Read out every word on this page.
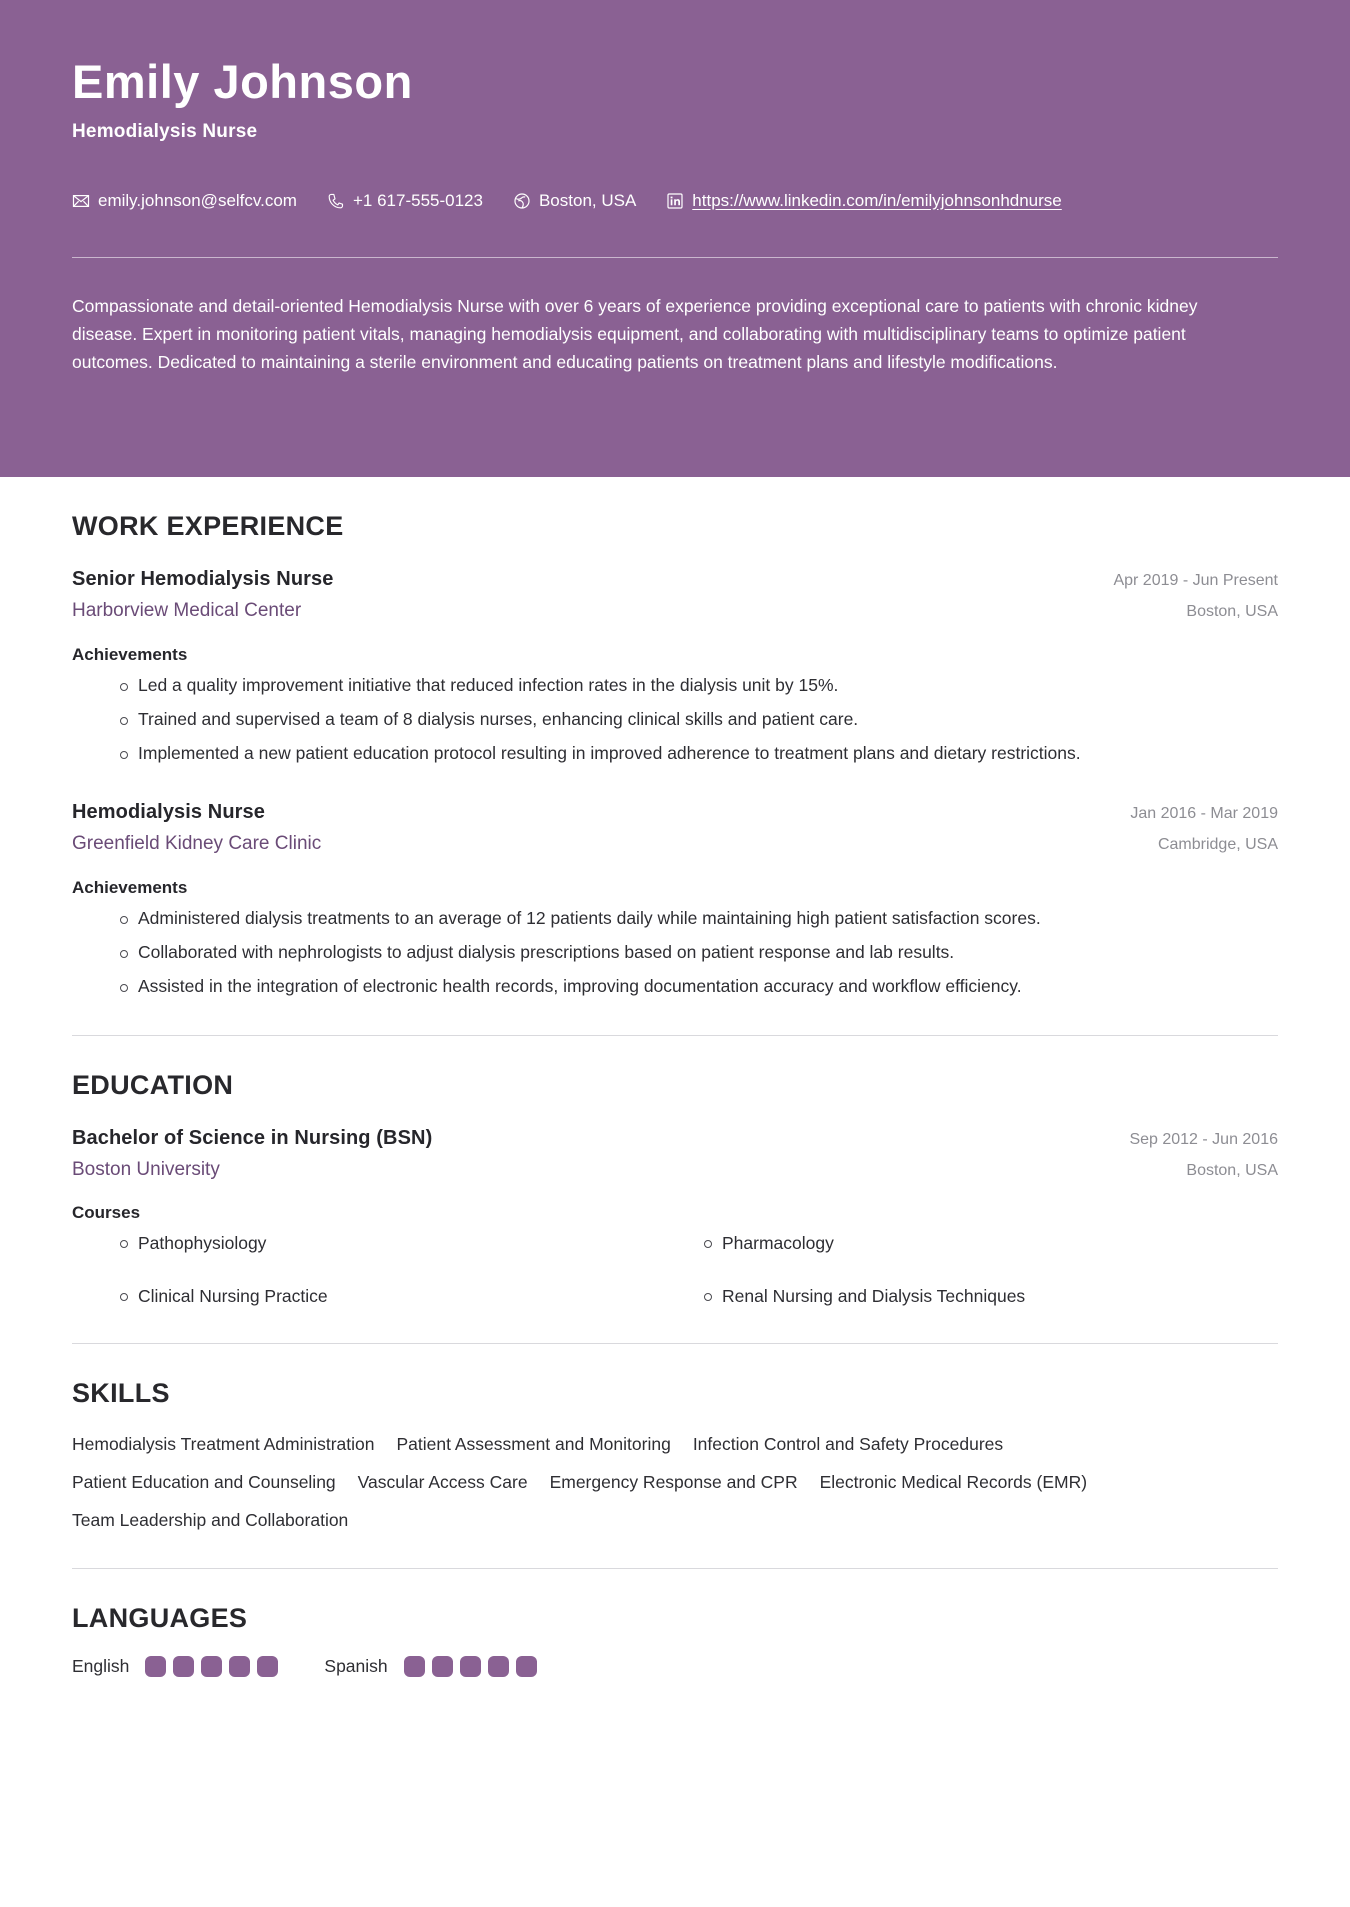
Emily Johnson
Hemodialysis Nurse
emily.johnson@selfcv.com	+1 617-555-0123	Boston, USA	https://www.linkedin.com/in/emilyjohnsonhdnurse
Compassionate and detail-oriented Hemodialysis Nurse with over 6 years of experience providing exceptional care to patients with chronic kidney disease. Expert in monitoring patient vitals, managing hemodialysis equipment, and collaborating with multidisciplinary teams to optimize patient outcomes. Dedicated to maintaining a sterile environment and educating patients on treatment plans and lifestyle modifications.
WORK EXPERIENCE
Senior Hemodialysis Nurse
Harborview Medical Center
Apr 2019 - Jun Present
Boston, USA
Achievements
Led a quality improvement initiative that reduced infection rates in the dialysis unit by 15%.
Trained and supervised a team of 8 dialysis nurses, enhancing clinical skills and patient care.
Implemented a new patient education protocol resulting in improved adherence to treatment plans and dietary restrictions.
Hemodialysis Nurse
Greenfield Kidney Care Clinic
Jan 2016 - Mar 2019
Cambridge, USA
Achievements
Administered dialysis treatments to an average of 12 patients daily while maintaining high patient satisfaction scores.
Collaborated with nephrologists to adjust dialysis prescriptions based on patient response and lab results.
Assisted in the integration of electronic health records, improving documentation accuracy and workflow efficiency.
EDUCATION
Bachelor of Science in Nursing (BSN)
Boston University
Sep 2012 - Jun 2016
Boston, USA
Courses
Pathophysiology	Pharmacology
Clinical Nursing Practice	Renal Nursing and Dialysis Techniques
SKILLS
Hemodialysis Treatment Administration Patient Assessment and Monitoring Infection Control and Safety Procedures
Patient Education and Counseling Vascular Access Care Emergency Response and CPR Electronic Medical Records (EMR)
Team Leadership and Collaboration
LANGUAGES
English	Spanish
